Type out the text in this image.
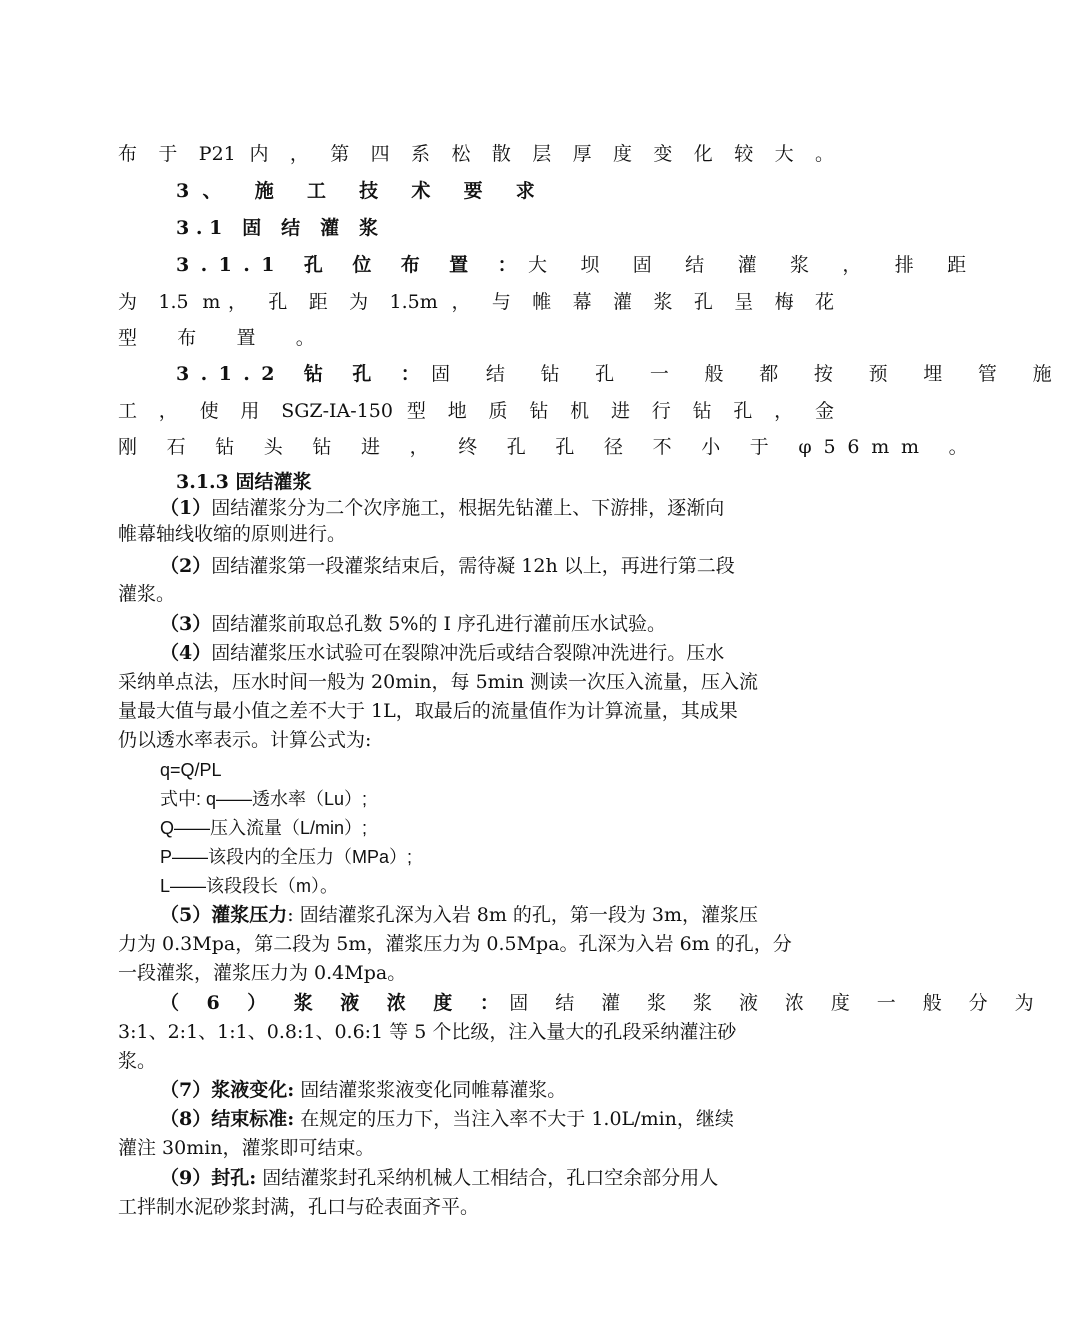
布 于 P21 内 ， 第 四 系 松 散 层 厚 度 变 化 较 大 。
3、 施 工 技 术 要 求
3.1 固 结 灌 浆
3.1.1 孔 位 布 置 ： 大 坝 固 结 灌 浆 ， 排 距
为 1.5 m， 孔 距 为 1.5m ， 与 帷 幕 灌 浆 孔 呈 梅 花
型 布 置 。
3.1.2 钻 孔 ： 固 结 钻 孔 一 般 都 按 预 埋 管 施
工 ， 使 用 SGZ-IA-150 型 地 质 钻 机 进 行 钻 孔 ， 金
刚 石 钻 头 钻 进 ， 终 孔 孔 径 不 小 于 φ56mm 。
3.1.3 固结灌浆
（1）固结灌浆分为二个次序施工，根据先钻灌上、下游排，逐渐向
帷幕轴线收缩的原则进行。
（2）固结灌浆第一段灌浆结束后，需待凝 12h 以上，再进行第二段
灌浆。
（3）固结灌浆前取总孔数 5%的 I 序孔进行灌前压水试验。
（4）固结灌浆压水试验可在裂隙冲洗后或结合裂隙冲洗进行。压水
采纳单点法，压水时间一般为 20min，每 5min 测读一次压入流量，压入流
量最大值与最小值之差不大于 1L，取最后的流量值作为计算流量，其成果
仍以透水率表示。计算公式为:
q=Q/PL
式中: q——透水率（Lu）;
Q——压入流量（L/min）;
P——该段内的全压力（MPa）;
L——该段段长（m）。
（5）灌浆压力: 固结灌浆孔深为入岩 8m 的孔，第一段为 3m，灌浆压
力为 0.3Mpa，第二段为 5m，灌浆压力为 0.5Mpa。孔深为入岩 6m 的孔，分
一段灌浆，灌浆压力为 0.4Mpa。
（ 6 ） 浆 液 浓 度 ： 固 结 灌 浆 浆 液 浓 度 一 般 分 为
3:1、2:1、1:1、0.8:1、0.6:1 等 5 个比级，注入量大的孔段采纳灌注砂
浆。
（7）浆液变化: 固结灌浆浆液变化同帷幕灌浆。
（8）结束标准: 在规定的压力下，当注入率不大于 1.0L/min，继续
灌注 30min，灌浆即可结束。
（9）封孔: 固结灌浆封孔采纳机械人工相结合，孔口空余部分用人
工拌制水泥砂浆封满，孔口与砼表面齐平。
